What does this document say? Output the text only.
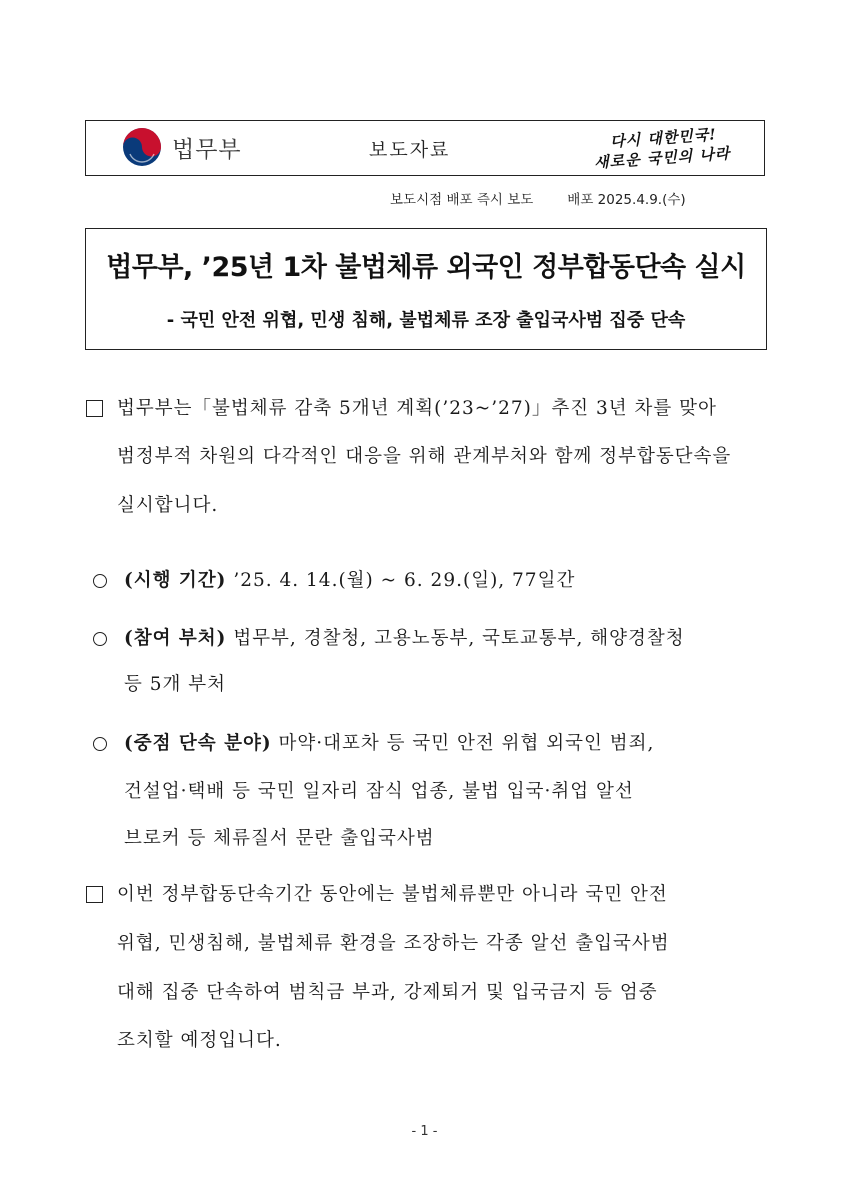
법무부	보도자료	다시 대한민국!
새로운 국민의 나라
보도시점 배포 즉시 보도	배포 2025.4.9.(수)
법무부, ’25년 1차 불법체류 외국인 정부합동단속 실시
- 국민 안전 위협, 민생 침해, 불법체류 조장 출입국사범 집중 단속
법무부는「불법체류 감축 5개년 계획(’23~’27)」추진 3년 차를 맞아
범정부적 차원의 다각적인 대응을 위해 관계부처와 함께 정부합동단속을
실시합니다.
(시행 기간) ’25. 4. 14.(월) ~ 6. 29.(일), 77일간
(참여 부처) 법무부, 경찰청, 고용노동부, 국토교통부, 해양경찰청
등 5개 부처
(중점 단속 분야) 마약·대포차 등 국민 안전 위협 외국인 범죄,
건설업·택배 등 국민 일자리 잠식 업종, 불법 입국·취업 알선
브로커 등 체류질서 문란 출입국사범
이번 정부합동단속기간 동안에는 불법체류뿐만 아니라 국민 안전
위협, 민생침해, 불법체류 환경을 조장하는 각종 알선 출입국사범
대해 집중 단속하여 범칙금 부과, 강제퇴거 및 입국금지 등 엄중
조치할 예정입니다.
- 1 -
